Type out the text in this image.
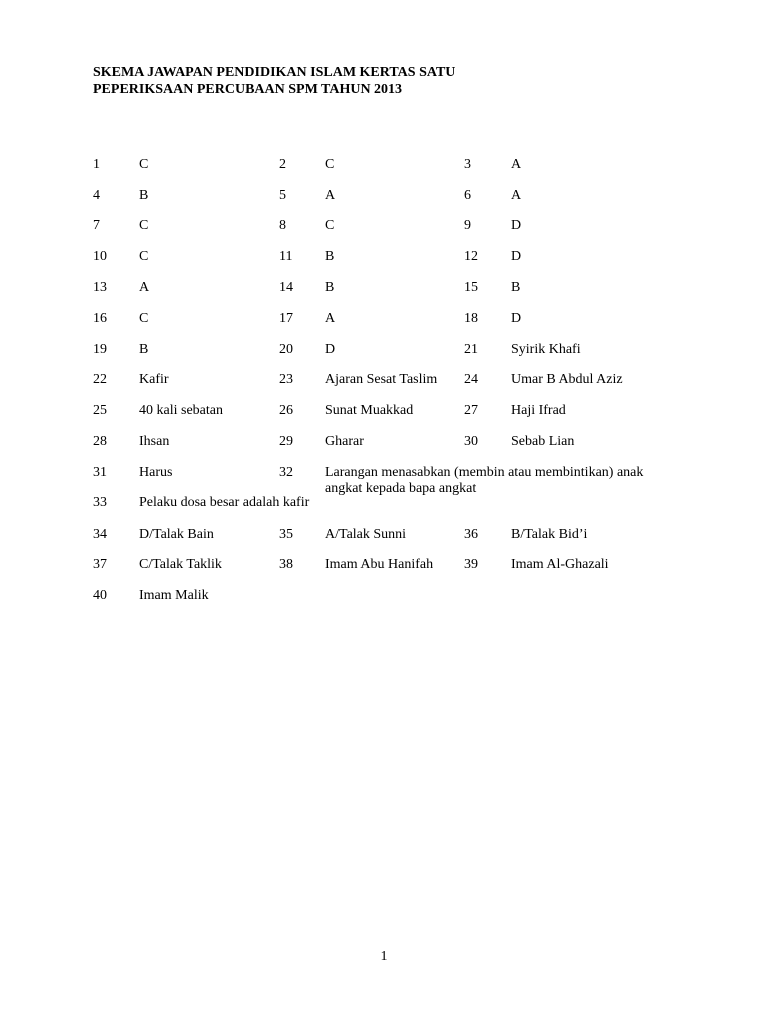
SKEMA JAWAPAN PENDIDIKAN ISLAM KERTAS SATU
PEPERIKSAAN PERCUBAAN SPM TAHUN 2013
1	C	2	C	3	A
4	B	5	A	6	A
7	C	8	C	9	D
10 C	11 B	12 D
13 A	14 B	15 B
16 C	17 A	18 D
19 B	20 D	21 Syirik Khafi
22 Kafir	23 Ajaran Sesat Taslim 24 Umar B Abdul Aziz
25 40 kali sebatan	26 Sunat Muakkad	27 Haji Ifrad
28 Ihsan	29 Gharar	30 Sebab Lian
31 Harus	32 Larangan menasabkan (membin atau membintikan) anak angkat kepada bapa angkat
33 Pelaku dosa besar adalah kafir
34 D/Talak Bain	35 A/Talak Sunni	36 B/Talak Bid’i
37 C/Talak Taklik	38 Imam Abu Hanifah 39 Imam Al-Ghazali
40 Imam Malik
1
